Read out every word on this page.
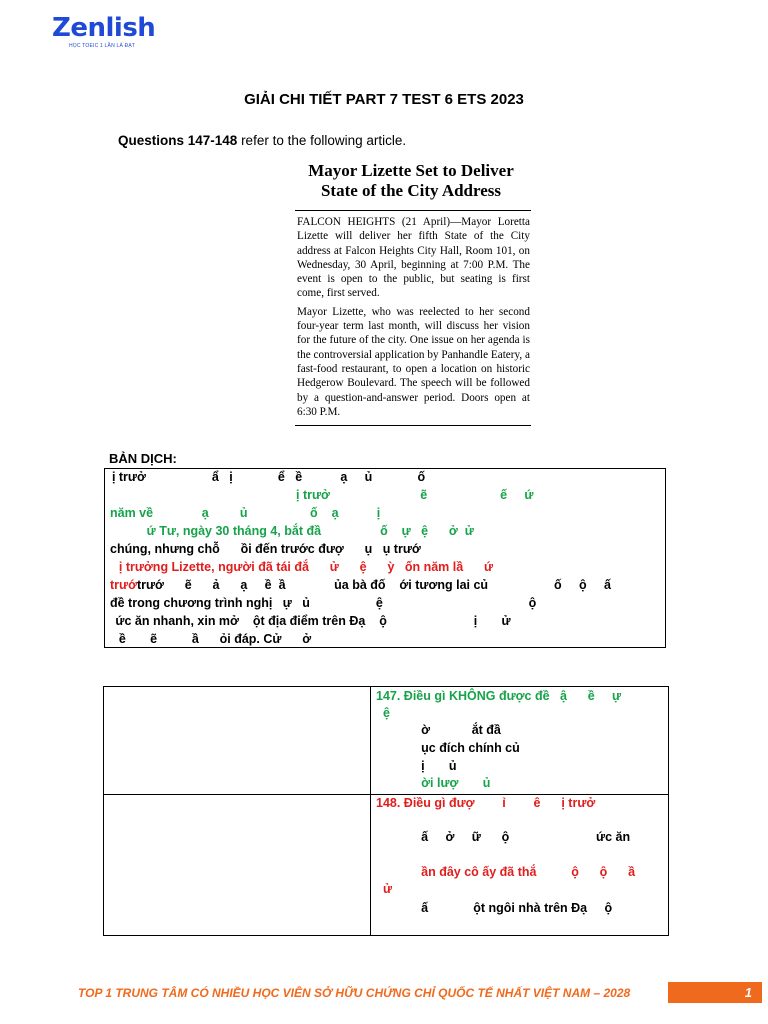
Zenlish
HỌC TOEIC 1 LẦN LÀ ĐẠT
GIẢI CHI TIẾT PART 7 TEST 6 ETS 2023
Questions 147-148 refer to the following article.
Mayor Lizette Set to Deliver
State of the City Address

FALCON HEIGHTS (21 April)—Mayor Loretta Lizette will deliver her fifth State of the City address at Falcon Heights City Hall, Room 101, on Wednesday, 30 April, beginning at 7:00 P.M. The event is open to the public, but seating is first come, first served.

Mayor Lizette, who was reelected to her second four-year term last month, will discuss her vision for the future of the city. One issue on her agenda is the controversial application by Panhandle Eatery, a fast-food restaurant, to open a location on historic Hedgerow Boulevard. The speech will be followed by a question-and-answer period. Doors open at 6:30 P.M.

BẢN DỊCH:
ị trưở                   ẩ   ị             ể   ề           ạ     ủ             ố
ị trưở                          ẽ                     ế     ứ
năm về              ạ         ủ                  ố    ạ           ị
ứ Tư, ngày 30 tháng 4, bắt đầ                 ố    ự   ệ      ở  ử
chúng, nhưng chỗ      ồi đến trước đượ      ụ   ụ trướ
ị trưởng Lizette, người đã tái đắ      ử      ệ      ỳ   ốn năm lầ      ứ
trướtrướ      ẽ      ả      ạ     ề  ầ              ủa bà đố    ới tương lai củ                   ố     ộ     ấ
đề trong chương trình nghị   ự   ủ                   ệ                                          ộ
ức ăn nhanh, xin mở    ột địa điểm trên Đạ    ộ                         ị       ử
ề       ẽ          ầ      ỏi đáp. Cử      ở
147. Điều gì KHÔNG được đề   ậ      ề     ự
ệ
ờ            ắt đầ
ục đích chính củ
ị       ủ
ời lượ       ủ
148. Điều gì đượ        ỉ        ê      ị trưở
ấ     ở     ữ      ộ                         ức ăn
ần đây cô ấy đã thắ          ộ      ộ      ầ
ử
ấ             ột ngôi nhà trên Đạ     ộ
TOP 1 TRUNG TÂM CÓ NHIỀU HỌC VIÊN SỞ HỮU CHỨNG CHỈ QUỐC TẾ NHẤT VIỆT NAM – 2028	1
